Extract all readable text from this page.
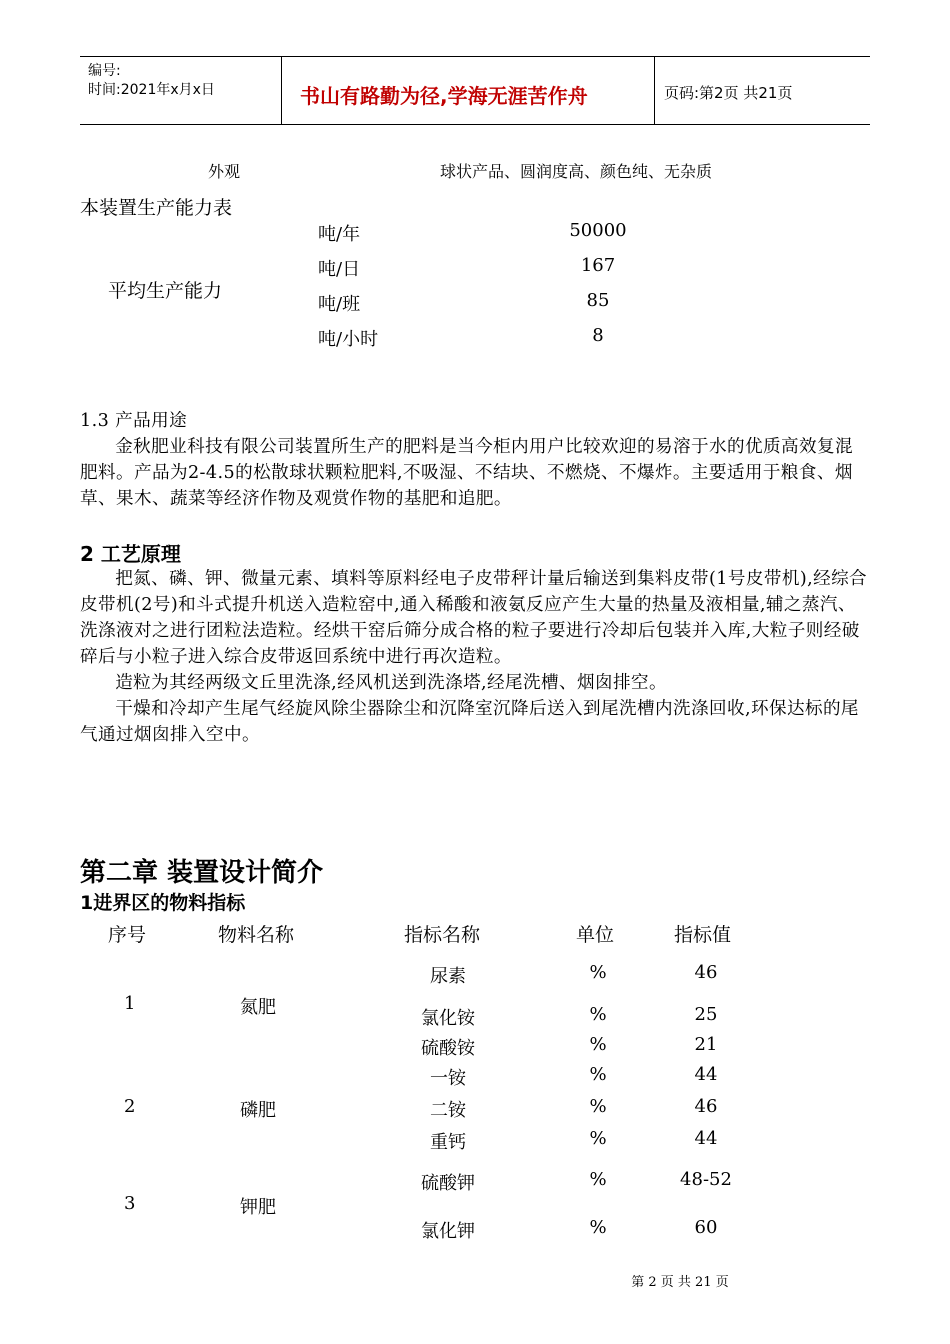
编号:
时间:2021年x月x日	书山有路勤为径,学海无涯苦作舟	页码:第2页 共21页
外观	球状产品、圆润度高、颜色纯、无杂质
本装置生产能力表
平均生产能力
吨/年	50000
吨/日	167
吨/班	85
吨/小时	8

1.3 产品用途

金秋肥业科技有限公司装置所生产的肥料是当今柜内用户比较欢迎的易溶于水的优质高效复混肥料。产品为2-4.5的松散球状颗粒肥料,不吸湿、不结块、不燃烧、不爆炸。主要适用于粮食、烟草、果木、蔬菜等经济作物及观赏作物的基肥和追肥。

2 工艺原理

把氮、磷、钾、微量元素、填料等原料经电子皮带秤计量后输送到集料皮带(1号皮带机),经综合皮带机(2号)和斗式提升机送入造粒窑中,通入稀酸和液氨反应产生大量的热量及液相量,辅之蒸汽、洗涤液对之进行团粒法造粒。经烘干窑后筛分成合格的粒子要进行冷却后包装并入库,大粒子则经破碎后与小粒子进入综合皮带返回系统中进行再次造粒。

造粒为其经两级文丘里洗涤,经风机送到洗涤塔,经尾洗槽、烟囱排空。

干燥和冷却产生尾气经旋风除尘器除尘和沉降室沉降后送入到尾洗槽内洗涤回收,环保达标的尾气通过烟囱排入空中。

第二章 装置设计简介
1进界区的物料指标
序号	物料名称	指标名称	单位	指标值
1	氮肥
尿素	%	46
氯化铵	%	25
硫酸铵	%	21
2	磷肥
一铵	%	44
二铵	%	46
重钙	%	44
3	钾肥
硫酸钾	%	48-52
氯化钾	%	60
第 2 页 共 21 页
